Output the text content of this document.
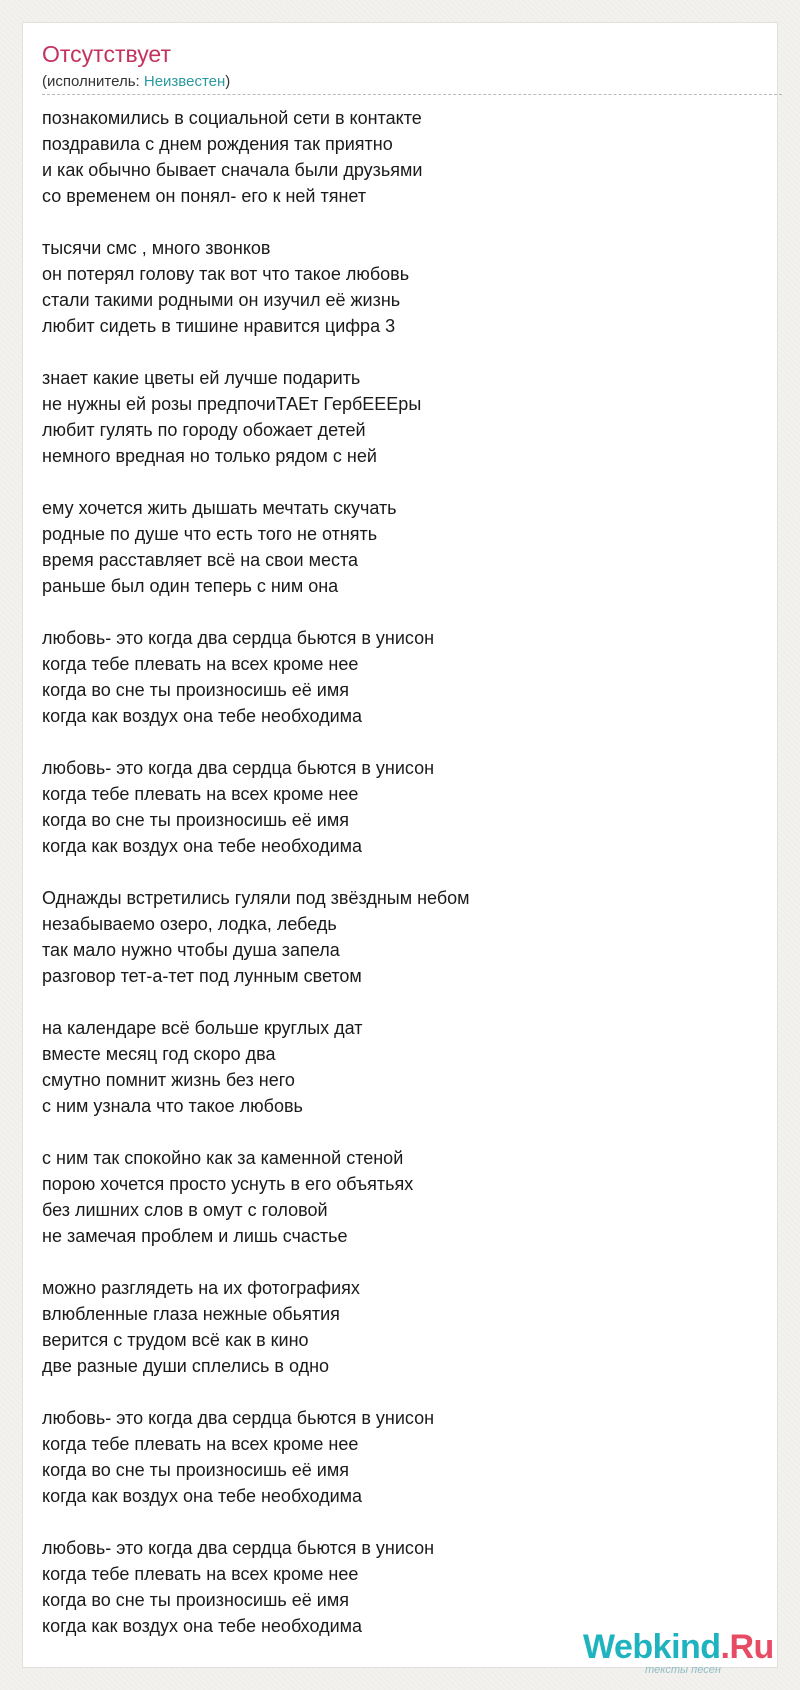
Отсутствует
(исполнитель: Неизвестен)
познакомились в социальной сети в контакте
поздравила с днем рождения так приятно
и как обычно бывает сначала были друзьями
со временем он понял- его к ней тянет
тысячи смс , много звонков
он потерял голову так вот что такое любовь
стали такими родными он изучил её жизнь
любит сидеть в тишине нравится цифра 3
знает какие цветы ей лучше подарить
не нужны ей розы предпочиТАЕт ГербЕЕЕры
любит гулять по городу обожает детей
немного вредная но только рядом с ней
ему хочется жить дышать мечтать скучать
родные по душе что есть того не отнять
время расставляет всё на свои места
раньше был один теперь с ним она
любовь- это когда два сердца бьются в унисон
когда тебе плевать на всех кроме нее
когда во сне ты произносишь её имя
когда как воздух она тебе необходима
любовь- это когда два сердца бьются в унисон
когда тебе плевать на всех кроме нее
когда во сне ты произносишь её имя
когда как воздух она тебе необходима
Однажды встретились гуляли под звёздным небом
незабываемо озеро, лодка, лебедь
так мало нужно чтобы душа запела
разговор тет-а-тет под лунным светом
на календаре всё больше круглых дат
вместе месяц год скоро два
смутно помнит жизнь без него
с ним узнала что такое любовь
с ним так спокойно как за каменной стеной
порою хочется просто уснуть в его объятьях
без лишних слов в омут с головой
не замечая проблем и лишь счастье
можно разглядеть на их фотографиях
влюбленные глаза нежные обьятия
верится с трудом всё как в кино
две разные души сплелись в одно
любовь- это когда два сердца бьются в унисон
когда тебе плевать на всех кроме нее
когда во сне ты произносишь её имя
когда как воздух она тебе необходима
любовь- это когда два сердца бьются в унисон
когда тебе плевать на всех кроме нее
когда во сне ты произносишь её имя
когда как воздух она тебе необходима
Webkind.Ru
тексты песен
